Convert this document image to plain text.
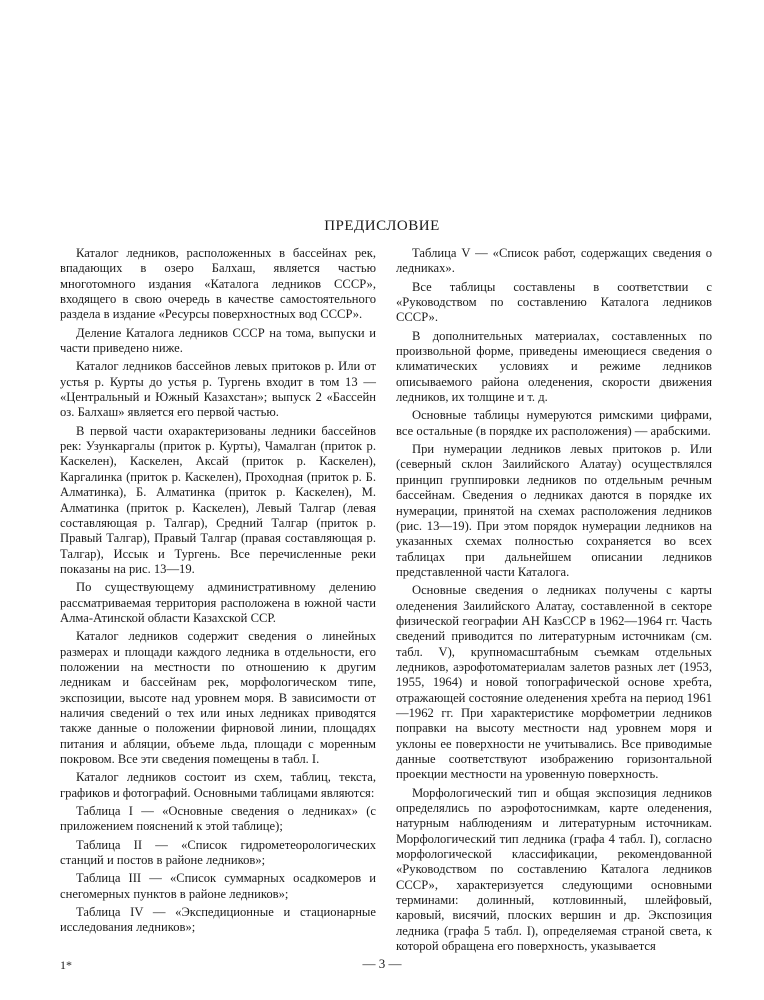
ПРЕДИСЛОВИЕ

Каталог ледников, расположенных в бассейнах рек, впадающих в озеро Балхаш, является частью многотомного издания «Каталога ледников СССР», входящего в свою очередь в качестве самостоятельного раздела в издание «Ресурсы поверхностных вод СССР».

Деление Каталога ледников СССР на тома, выпуски и части приведено ниже.

Каталог ледников бассейнов левых притоков р. Или от устья р. Курты до устья р. Тургень входит в том 13 — «Центральный и Южный Казахстан»; выпуск 2 «Бассейн оз. Балхаш» является его первой частью.

В первой части охарактеризованы ледники бассейнов рек: Узункаргалы (приток р. Курты), Чамалган (приток р. Каскелен), Каскелен, Аксай (приток р. Каскелен), Каргалинка (приток р. Каскелен), Проходная (приток р. Б. Алматинка), Б. Алматинка (приток р. Каскелен), М. Алматинка (приток р. Каскелен), Левый Талгар (левая составляющая р. Талгар), Средний Талгар (приток р. Правый Талгар), Правый Талгар (правая составляющая р. Талгар), Иссык и Тургень. Все перечисленные реки показаны на рис. 13—19.

По существующему административному делению рассматриваемая территория расположена в южной части Алма-Атинской области Казахской ССР.

Каталог ледников содержит сведения о линейных размерах и площади каждого ледника в отдельности, его положении на местности по отношению к другим ледникам и бассейнам рек, морфологическом типе, экспозиции, высоте над уровнем моря. В зависимости от наличия сведений о тех или иных ледниках приводятся также данные о положении фирновой линии, площадях питания и абляции, объеме льда, площади с моренным покровом. Все эти сведения помещены в табл. I.

Каталог ледников состоит из схем, таблиц, текста, графиков и фотографий. Основными таблицами являются:

Таблица I — «Основные сведения о ледниках» (с приложением пояснений к этой таблице);

Таблица II — «Список гидрометеорологических станций и постов в районе ледников»;

Таблица III — «Список суммарных осадкомеров и снегомерных пунктов в районе ледников»;

Таблица IV — «Экспедиционные и стационарные исследования ледников»;

Таблица V — «Список работ, содержащих сведения о ледниках».

Все таблицы составлены в соответствии с «Руководством по составлению Каталога ледников СССР».

В дополнительных материалах, составленных по произвольной форме, приведены имеющиеся сведения о климатических условиях и режиме ледников описываемого района оледенения, скорости движения ледников, их толщине и т. д.

Основные таблицы нумеруются римскими цифрами, все остальные (в порядке их расположения) — арабскими.

При нумерации ледников левых притоков р. Или (северный склон Заилийского Алатау) осуществлялся принцип группировки ледников по отдельным речным бассейнам. Сведения о ледниках даются в порядке их нумерации, принятой на схемах расположения ледников (рис. 13—19). При этом порядок нумерации ледников на указанных схемах полностью сохраняется во всех таблицах при дальнейшем описании ледников представленной части Каталога.

Основные сведения о ледниках получены с карты оледенения Заилийского Алатау, составленной в секторе физической географии АН КазССР в 1962—1964 гг. Часть сведений приводится по литературным источникам (см. табл. V), крупномасштабным съемкам отдельных ледников, аэрофотоматериалам залетов разных лет (1953, 1955, 1964) и новой топографической основе хребта, отражающей состояние оледенения хребта на период 1961—1962 гг. При характеристике морфометрии ледников поправки на высоту местности над уровнем моря и уклоны ее поверхности не учитывались. Все приводимые данные соответствуют изображению горизонтальной проекции местности на уровенную поверхность.

Морфологический тип и общая экспозиция ледников определялись по аэрофотоснимкам, карте оледенения, натурным наблюдениям и литературным источникам. Морфологический тип ледника (графа 4 табл. I), согласно морфологической классификации, рекомендованной «Руководством по составлению Каталога ледников СССР», характеризуется следующими основными терминами: долинный, котловинный, шлейфовый, каровый, висячий, плоских вершин и др. Экспозиция ледника (графа 5 табл. I), определяемая страной света, к которой обращена его поверхность, указывается

1*	— 3 —
